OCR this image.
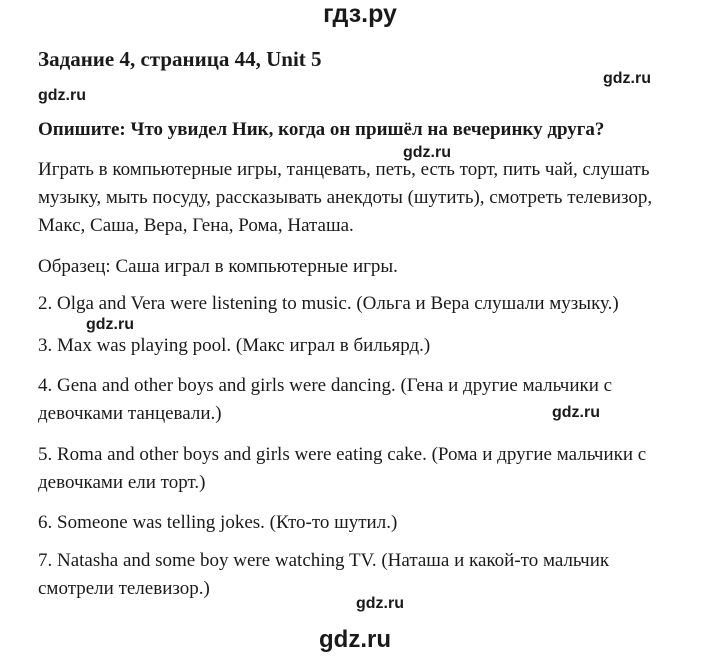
гдз.ру
Задание 4, страница 44, Unit 5
gdz.ru
gdz.ru
Опишите: Что увидел Ник, когда он пришёл на вечеринку друга?
gdz.ru
Играть в компьютерные игры, танцевать, петь, есть торт, пить чай, слушать
музыку, мыть посуду, рассказывать анекдоты (шутить), смотреть телевизор,
Макс, Саша, Вера, Гена, Рома, Наташа.
Образец: Саша играл в компьютерные игры.
2. Olga and Vera were listening to music. (Ольга и Вера слушали музыку.)
gdz.ru
3. Max was playing pool. (Макс играл в бильярд.)
4. Gena and other boys and girls were dancing. (Гена и другие мальчики с
девочками танцевали.)	gdz.ru
5. Roma and other boys and girls were eating cake. (Рома и другие мальчики с
девочками ели торт.)
6. Someone was telling jokes. (Кто-то шутил.)
7. Natasha and some boy were watching TV. (Наташа и какой-то мальчик
смотрели телевизор.)
gdz.ru
gdz.ru
